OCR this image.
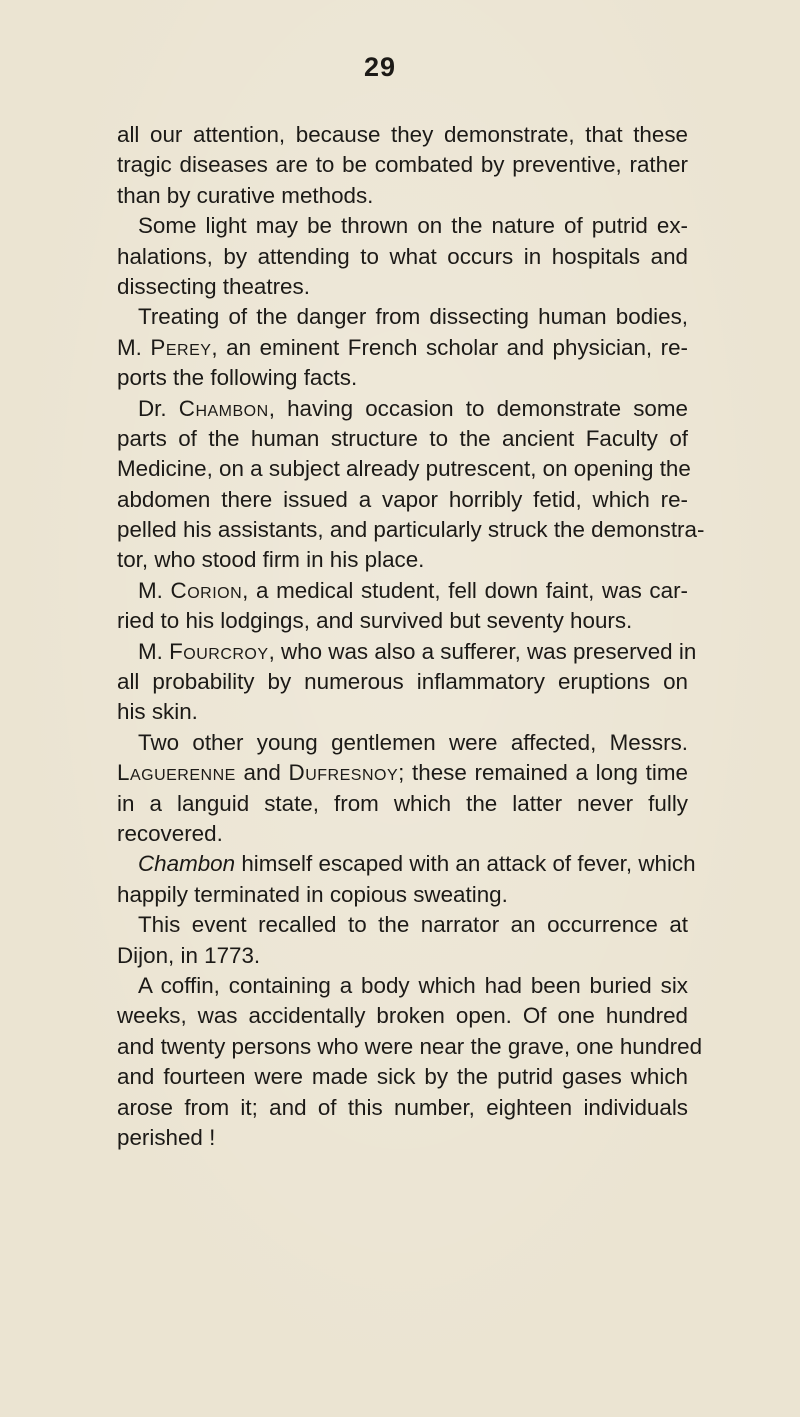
29
all our attention, because they demonstrate, that these
tragic diseases are to be combated by preventive, rather
than by curative methods.
Some light may be thrown on the nature of putrid ex-
halations, by attending to what occurs in hospitals and
dissecting theatres.
Treating of the danger from dissecting human bodies,
M. Perey, an eminent French scholar and physician, re-
ports the following facts.
Dr. Chambon, having occasion to demonstrate some
parts of the human structure to the ancient Faculty of
Medicine, on a subject already putrescent, on opening the
abdomen there issued a vapor horribly fetid, which re-
pelled his assistants, and particularly struck the demonstra-
tor, who stood firm in his place.
M. Corion, a medical student, fell down faint, was car-
ried to his lodgings, and survived but seventy hours.
M. Fourcroy, who was also a sufferer, was preserved in
all probability by numerous inflammatory eruptions on
his skin.
Two other young gentlemen were affected, Messrs.
Laguerenne and Dufresnoy; these remained a long time
in a languid state, from which the latter never fully
recovered.
Chambon himself escaped with an attack of fever, which
happily terminated in copious sweating.
This event recalled to the narrator an occurrence at
Dijon, in 1773.
A coffin, containing a body which had been buried six
weeks, was accidentally broken open. Of one hundred
and twenty persons who were near the grave, one hundred
and fourteen were made sick by the putrid gases which
arose from it; and of this number, eighteen individuals
perished !
